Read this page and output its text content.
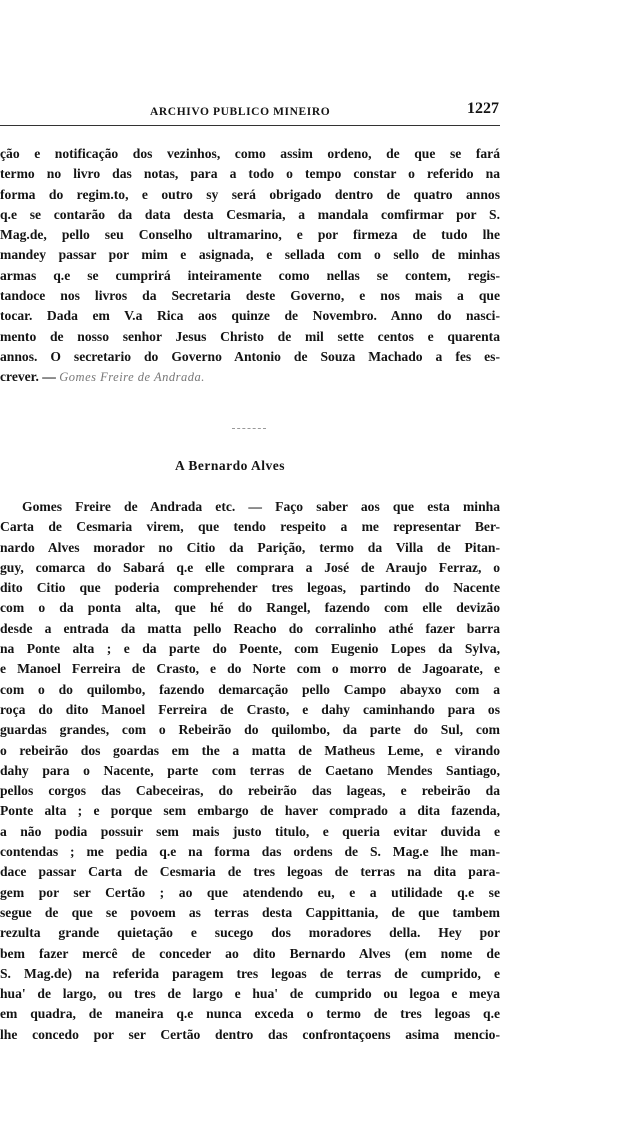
ARCHIVO PUBLICO MINEIRO	1227
ção e notificação dos vezinhos, como assim ordeno, de que se fará
termo no livro das notas, para a todo o tempo constar o referido na
forma do regim.to, e outro sy será obrigado dentro de quatro annos
q.e se contarão da data desta Cesmaria, a mandala comfirmar por S.
Mag.de, pello seu Conselho ultramarino, e por firmeza de tudo lhe
mandey passar por mim e asignada, e sellada com o sello de minhas
armas q.e se cumprirá inteiramente como nellas se contem, regis-
tandoce nos livros da Secretaria deste Governo, e nos mais a que
tocar. Dada em V.a Rica aos quinze de Novembro. Anno do nasci-
mento de nosso senhor Jesus Christo de mil sette centos e quarenta
annos. O secretario do Governo Antonio de Souza Machado a fes es-
crever. — Gomes Freire de Andrada.
A Bernardo Alves
Gomes Freire de Andrada etc. — Faço saber aos que esta minha
Carta de Cesmaria virem, que tendo respeito a me representar Ber-
nardo Alves morador no Citio da Parição, termo da Villa de Pitan-
guy, comarca do Sabará q.e elle comprara a José de Araujo Ferraz, o
dito Citio que poderia comprehender tres legoas, partindo do Nacente
com o da ponta alta, que hé do Rangel, fazendo com elle devizão
desde a entrada da matta pello Reacho do corralinho athé fazer barra
na Ponte alta ; e da parte do Poente, com Eugenio Lopes da Sylva,
e Manoel Ferreira de Crasto, e do Norte com o morro de Jagoarate, e
com o do quilombo, fazendo demarcação pello Campo abayxo com a
roça do dito Manoel Ferreira de Crasto, e dahy caminhando para os
guardas grandes, com o Rebeirão do quilombo, da parte do Sul, com
o rebeirão dos goardas em the a matta de Matheus Leme, e virando
dahy para o Nacente, parte com terras de Caetano Mendes Santiago,
pellos corgos das Cabeceiras, do rebeirão das lageas, e rebeirão da
Ponte alta ; e porque sem embargo de haver comprado a dita fazenda,
a não podia possuir sem mais justo titulo, e queria evitar duvida e
contendas ; me pedia q.e na forma das ordens de S. Mag.e lhe man-
dace passar Carta de Cesmaria de tres legoas de terras na dita para-
gem por ser Certão ; ao que atendendo eu, e a utilidade q.e se
segue de que se povoem as terras desta Cappittania, de que tambem
rezulta grande quietação e sucego dos moradores della. Hey por
bem fazer mercê de conceder ao dito Bernardo Alves (em nome de
S. Mag.de) na referida paragem tres legoas de terras de cumprido, e
hua' de largo, ou tres de largo e hua' de cumprido ou legoa e meya
em quadra, de maneira q.e nunca exceda o termo de tres legoas q.e
lhe concedo por ser Certão dentro das confrontaçoens asima mencio-
